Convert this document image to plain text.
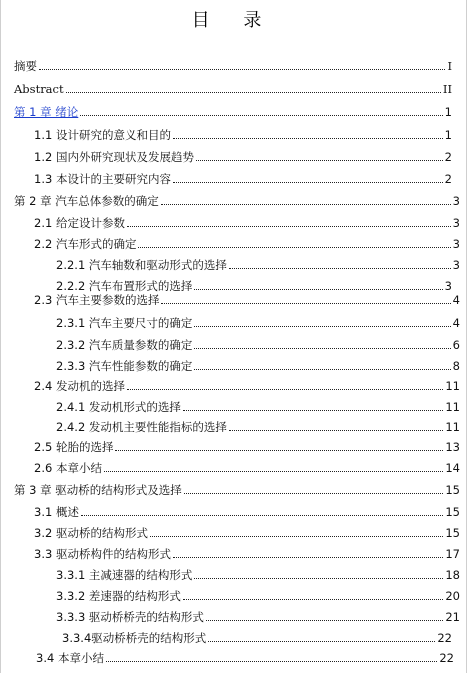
目 录
摘要	I
Abstract	II
第 1 章 绪论	1
1.1 设计研究的意义和目的	1
1.2 国内外研究现状及发展趋势	2
1.3 本设计的主要研究内容	2
第 2 章 汽车总体参数的确定	3
2.1 给定设计参数	3
2.2 汽车形式的确定	3
2.2.1 汽车轴数和驱动形式的选择	3
2.2.2 汽车布置形式的选择	3
2.3 汽车主要参数的选择	4
2.3.1 汽车主要尺寸的确定	4
2.3.2 汽车质量参数的确定	6
2.3.3 汽车性能参数的确定	8
2.4 发动机的选择	11
2.4.1 发动机形式的选择	11
2.4.2 发动机主要性能指标的选择	11
2.5 轮胎的选择	13
2.6 本章小结	14
第 3 章 驱动桥的结构形式及选择	15
3.1 概述	15
3.2 驱动桥的结构形式	15
3.3 驱动桥构件的结构形式	17
3.3.1 主减速器的结构形式	18
3.3.2 差速器的结构形式	20
3.3.3 驱动桥桥壳的结构形式	21
3.3.4驱动桥桥壳的结构形式	22
3.4 本章小结	22
